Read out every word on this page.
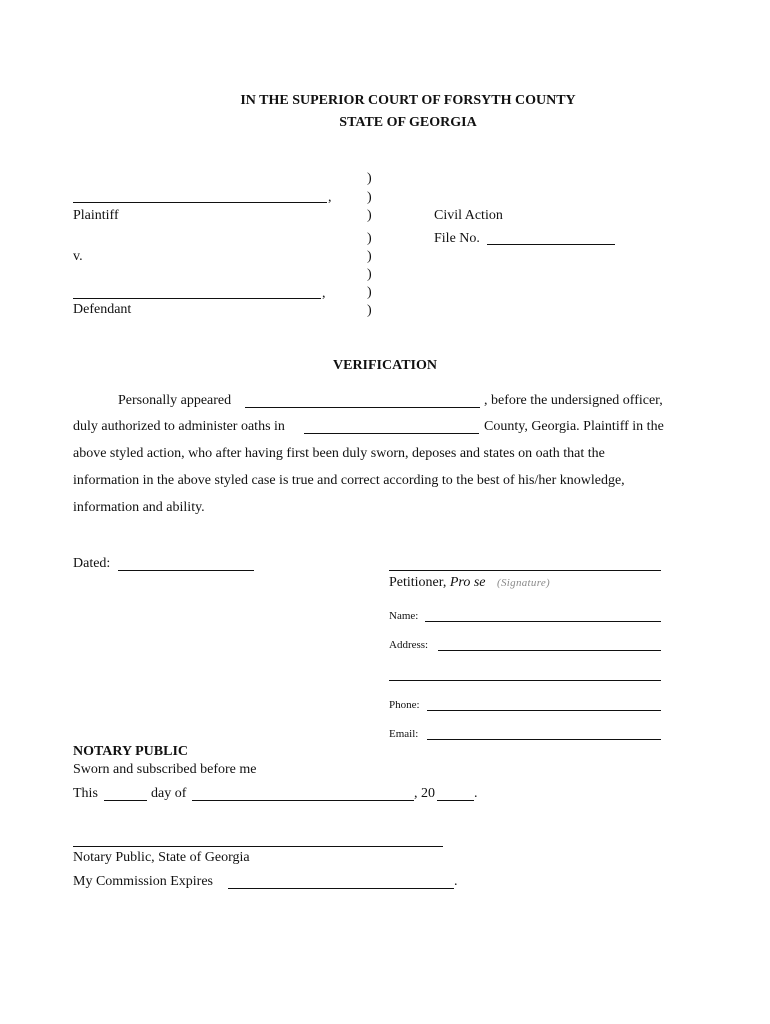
IN THE SUPERIOR COURT OF FORSYTH COUNTY
STATE OF GEORGIA
,
Plaintiff
v.
,
Defendant
)
)
)
)
)
)
)
)
Civil Action
File No.
VERIFICATION
Personally appeared	, before the undersigned officer,
duly authorized to administer oaths in	County, Georgia. Plaintiff in the
above styled action, who after having first been duly sworn, deposes and states on oath that the
information in the above styled case is true and correct according to the best of his/her knowledge,
information and ability.
Dated:
Petitioner, Pro se (Signature)
Name:
Address:
Phone:
Email:
NOTARY PUBLIC
Sworn and subscribed before me
This	day of	, 20	.
Notary Public, State of Georgia
My Commission Expires	.
